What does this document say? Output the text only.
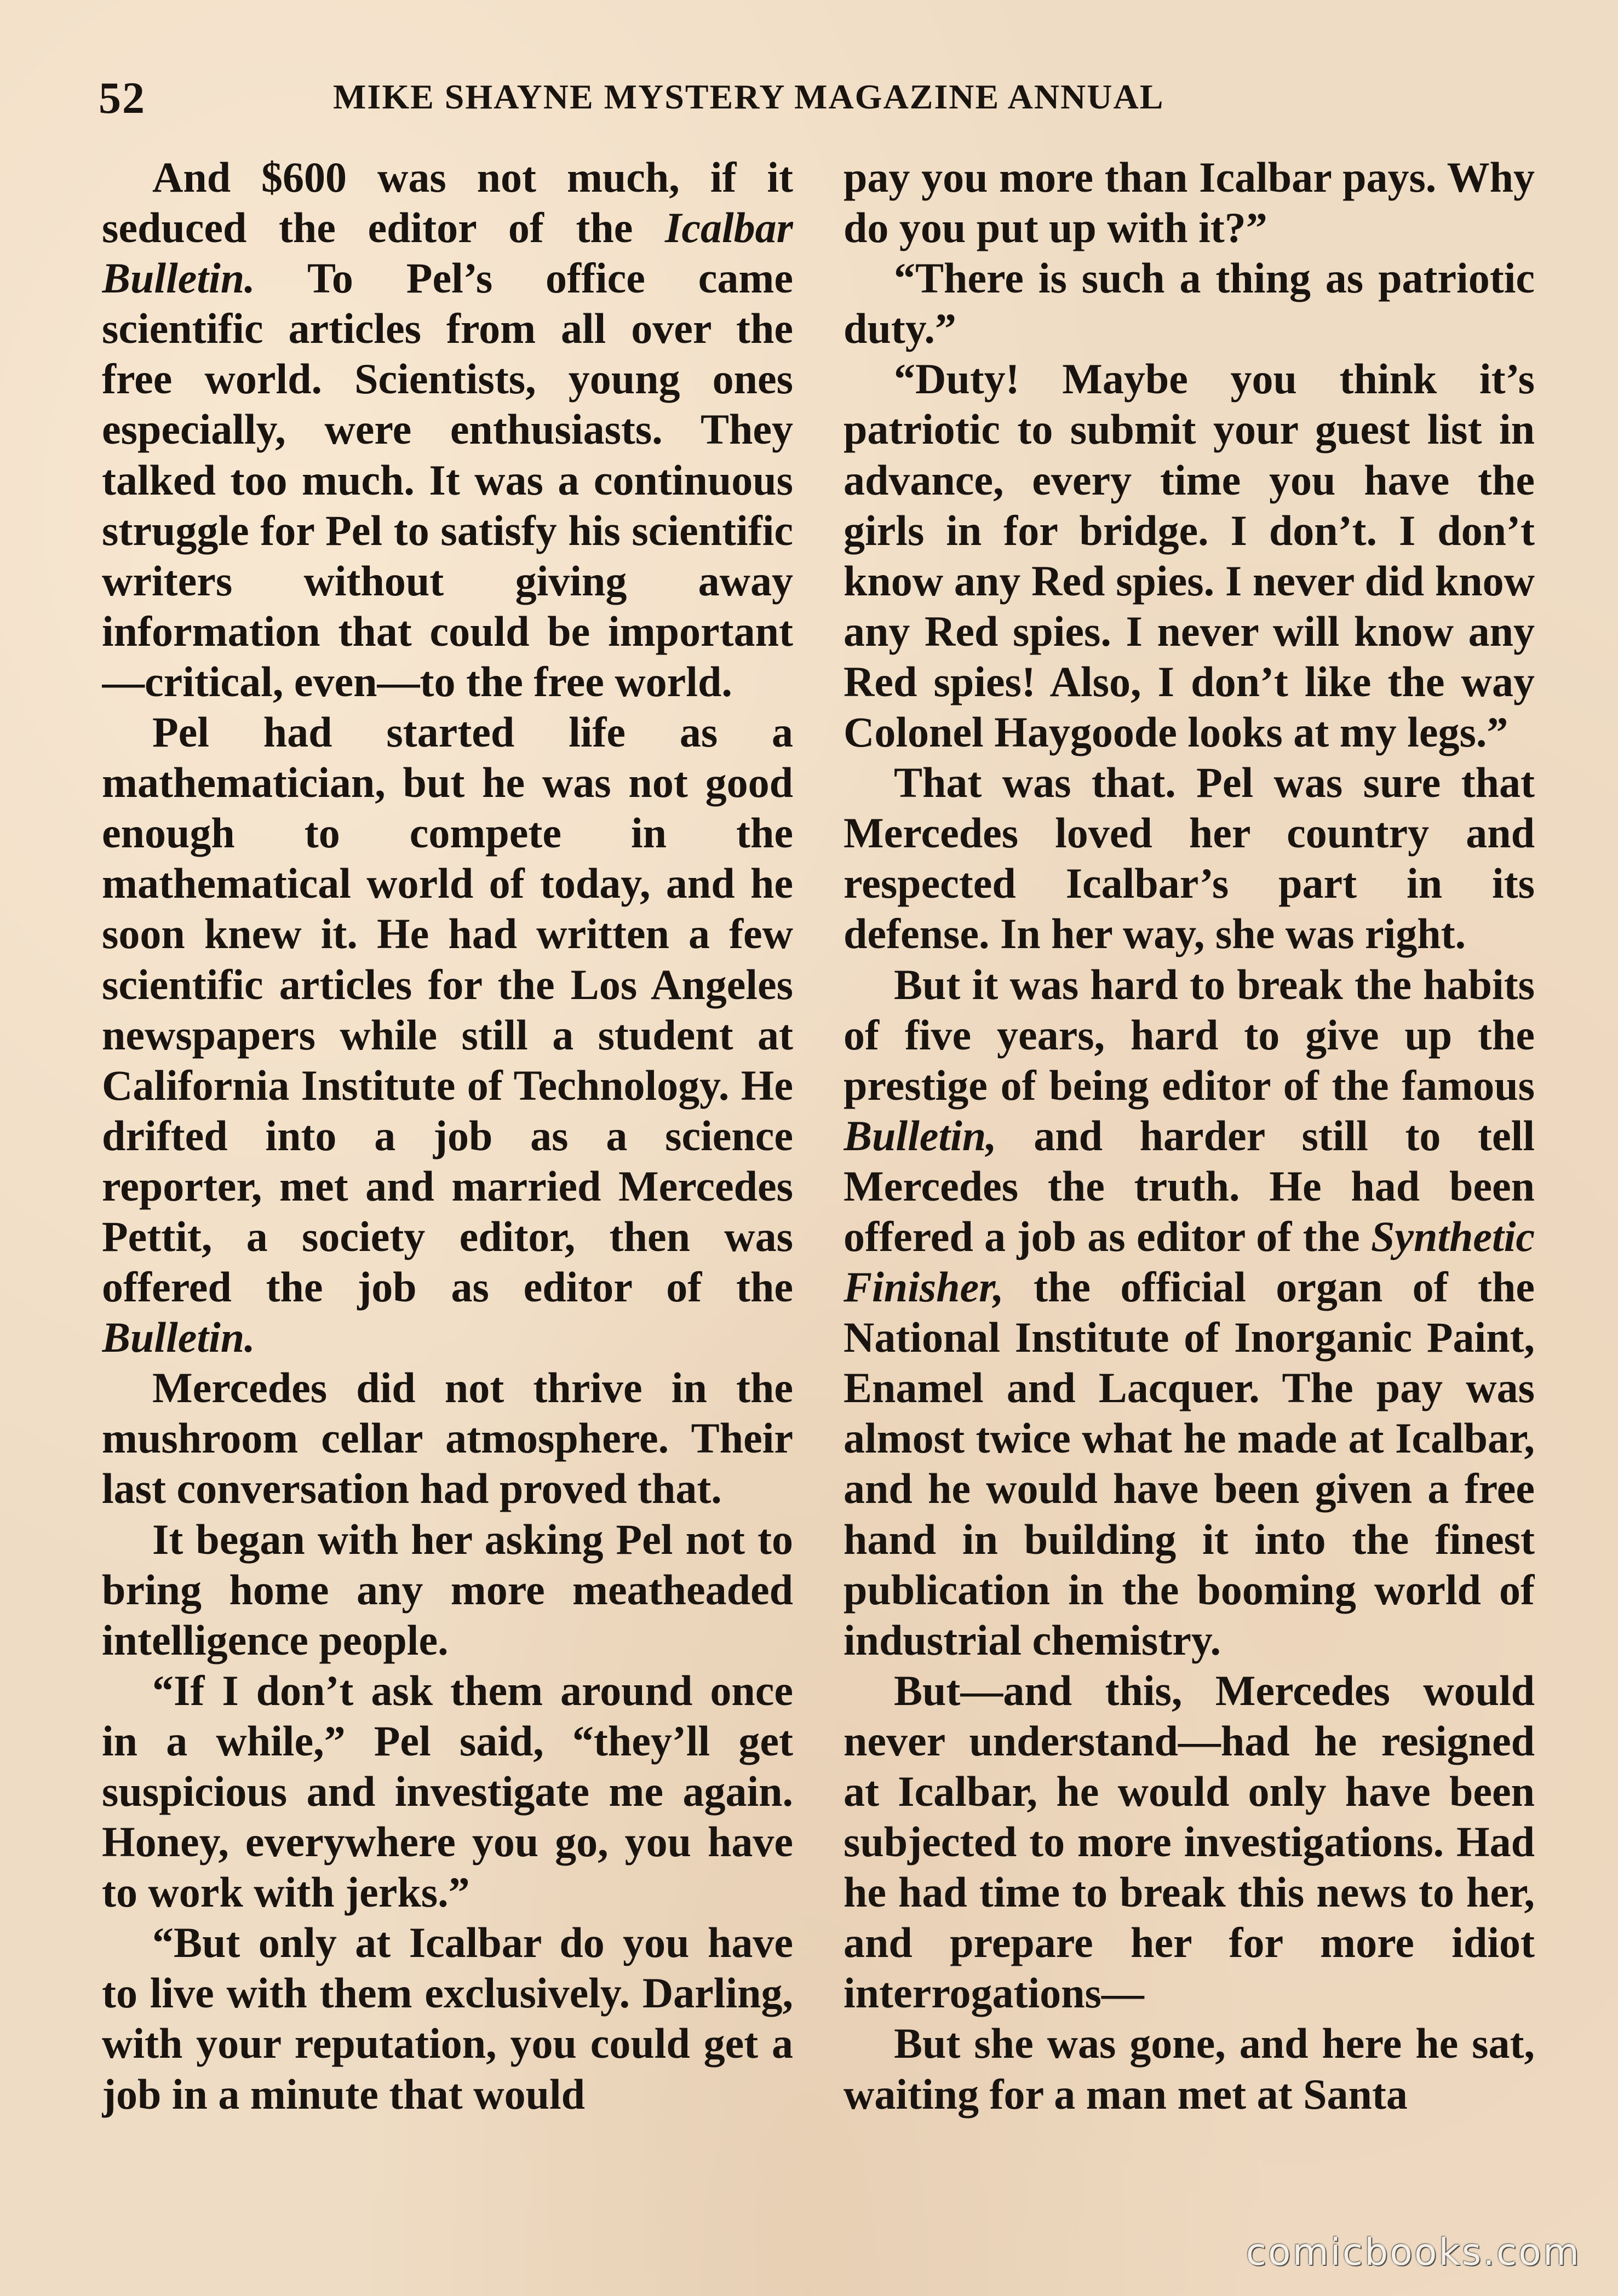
52	MIKE SHAYNE MYSTERY MAGAZINE ANNUAL

And $600 was not much, if it seduced the editor of the Icalbar Bulletin. To Pel’s office came scientific articles from all over the free world. Scientists, young ones especially, were enthusiasts. They talked too much. It was a continuous struggle for Pel to satisfy his scientific writers without giving away information that could be important—critical, even—to the free world.

Pel had started life as a mathematician, but he was not good enough to compete in the mathematical world of today, and he soon knew it. He had written a few scientific articles for the Los Angeles newspapers while still a student at California Institute of Technology. He drifted into a job as a science reporter, met and married Mercedes Pettit, a society editor, then was offered the job as editor of the Bulletin.

Mercedes did not thrive in the mushroom cellar atmosphere. Their last conversation had proved that.

It began with her asking Pel not to bring home any more meatheaded intelligence people.

“If I don’t ask them around once in a while,” Pel said, “they’ll get suspicious and investigate me again. Honey, everywhere you go, you have to work with jerks.”

“But only at Icalbar do you have to live with them exclusively. Darling, with your reputation, you could get a job in a minute that would

pay you more than Icalbar pays. Why do you put up with it?”

“There is such a thing as patriotic duty.”

“Duty! Maybe you think it’s patriotic to submit your guest list in advance, every time you have the girls in for bridge. I don’t. I don’t know any Red spies. I never did know any Red spies. I never will know any Red spies! Also, I don’t like the way Colonel Haygoode looks at my legs.”

That was that. Pel was sure that Mercedes loved her country and respected Icalbar’s part in its defense. In her way, she was right.

But it was hard to break the habits of five years, hard to give up the prestige of being editor of the famous Bulletin, and harder still to tell Mercedes the truth. He had been offered a job as editor of the Synthetic Finisher, the official organ of the National Institute of Inorganic Paint, Enamel and Lacquer. The pay was almost twice what he made at Icalbar, and he would have been given a free hand in building it into the finest publication in the booming world of industrial chemistry.

But—and this, Mercedes would never understand—had he resigned at Icalbar, he would only have been subjected to more investigations. Had he had time to break this news to her, and prepare her for more idiot interrogations—

But she was gone, and here he sat, waiting for a man met at Santa

comicbooks.com
